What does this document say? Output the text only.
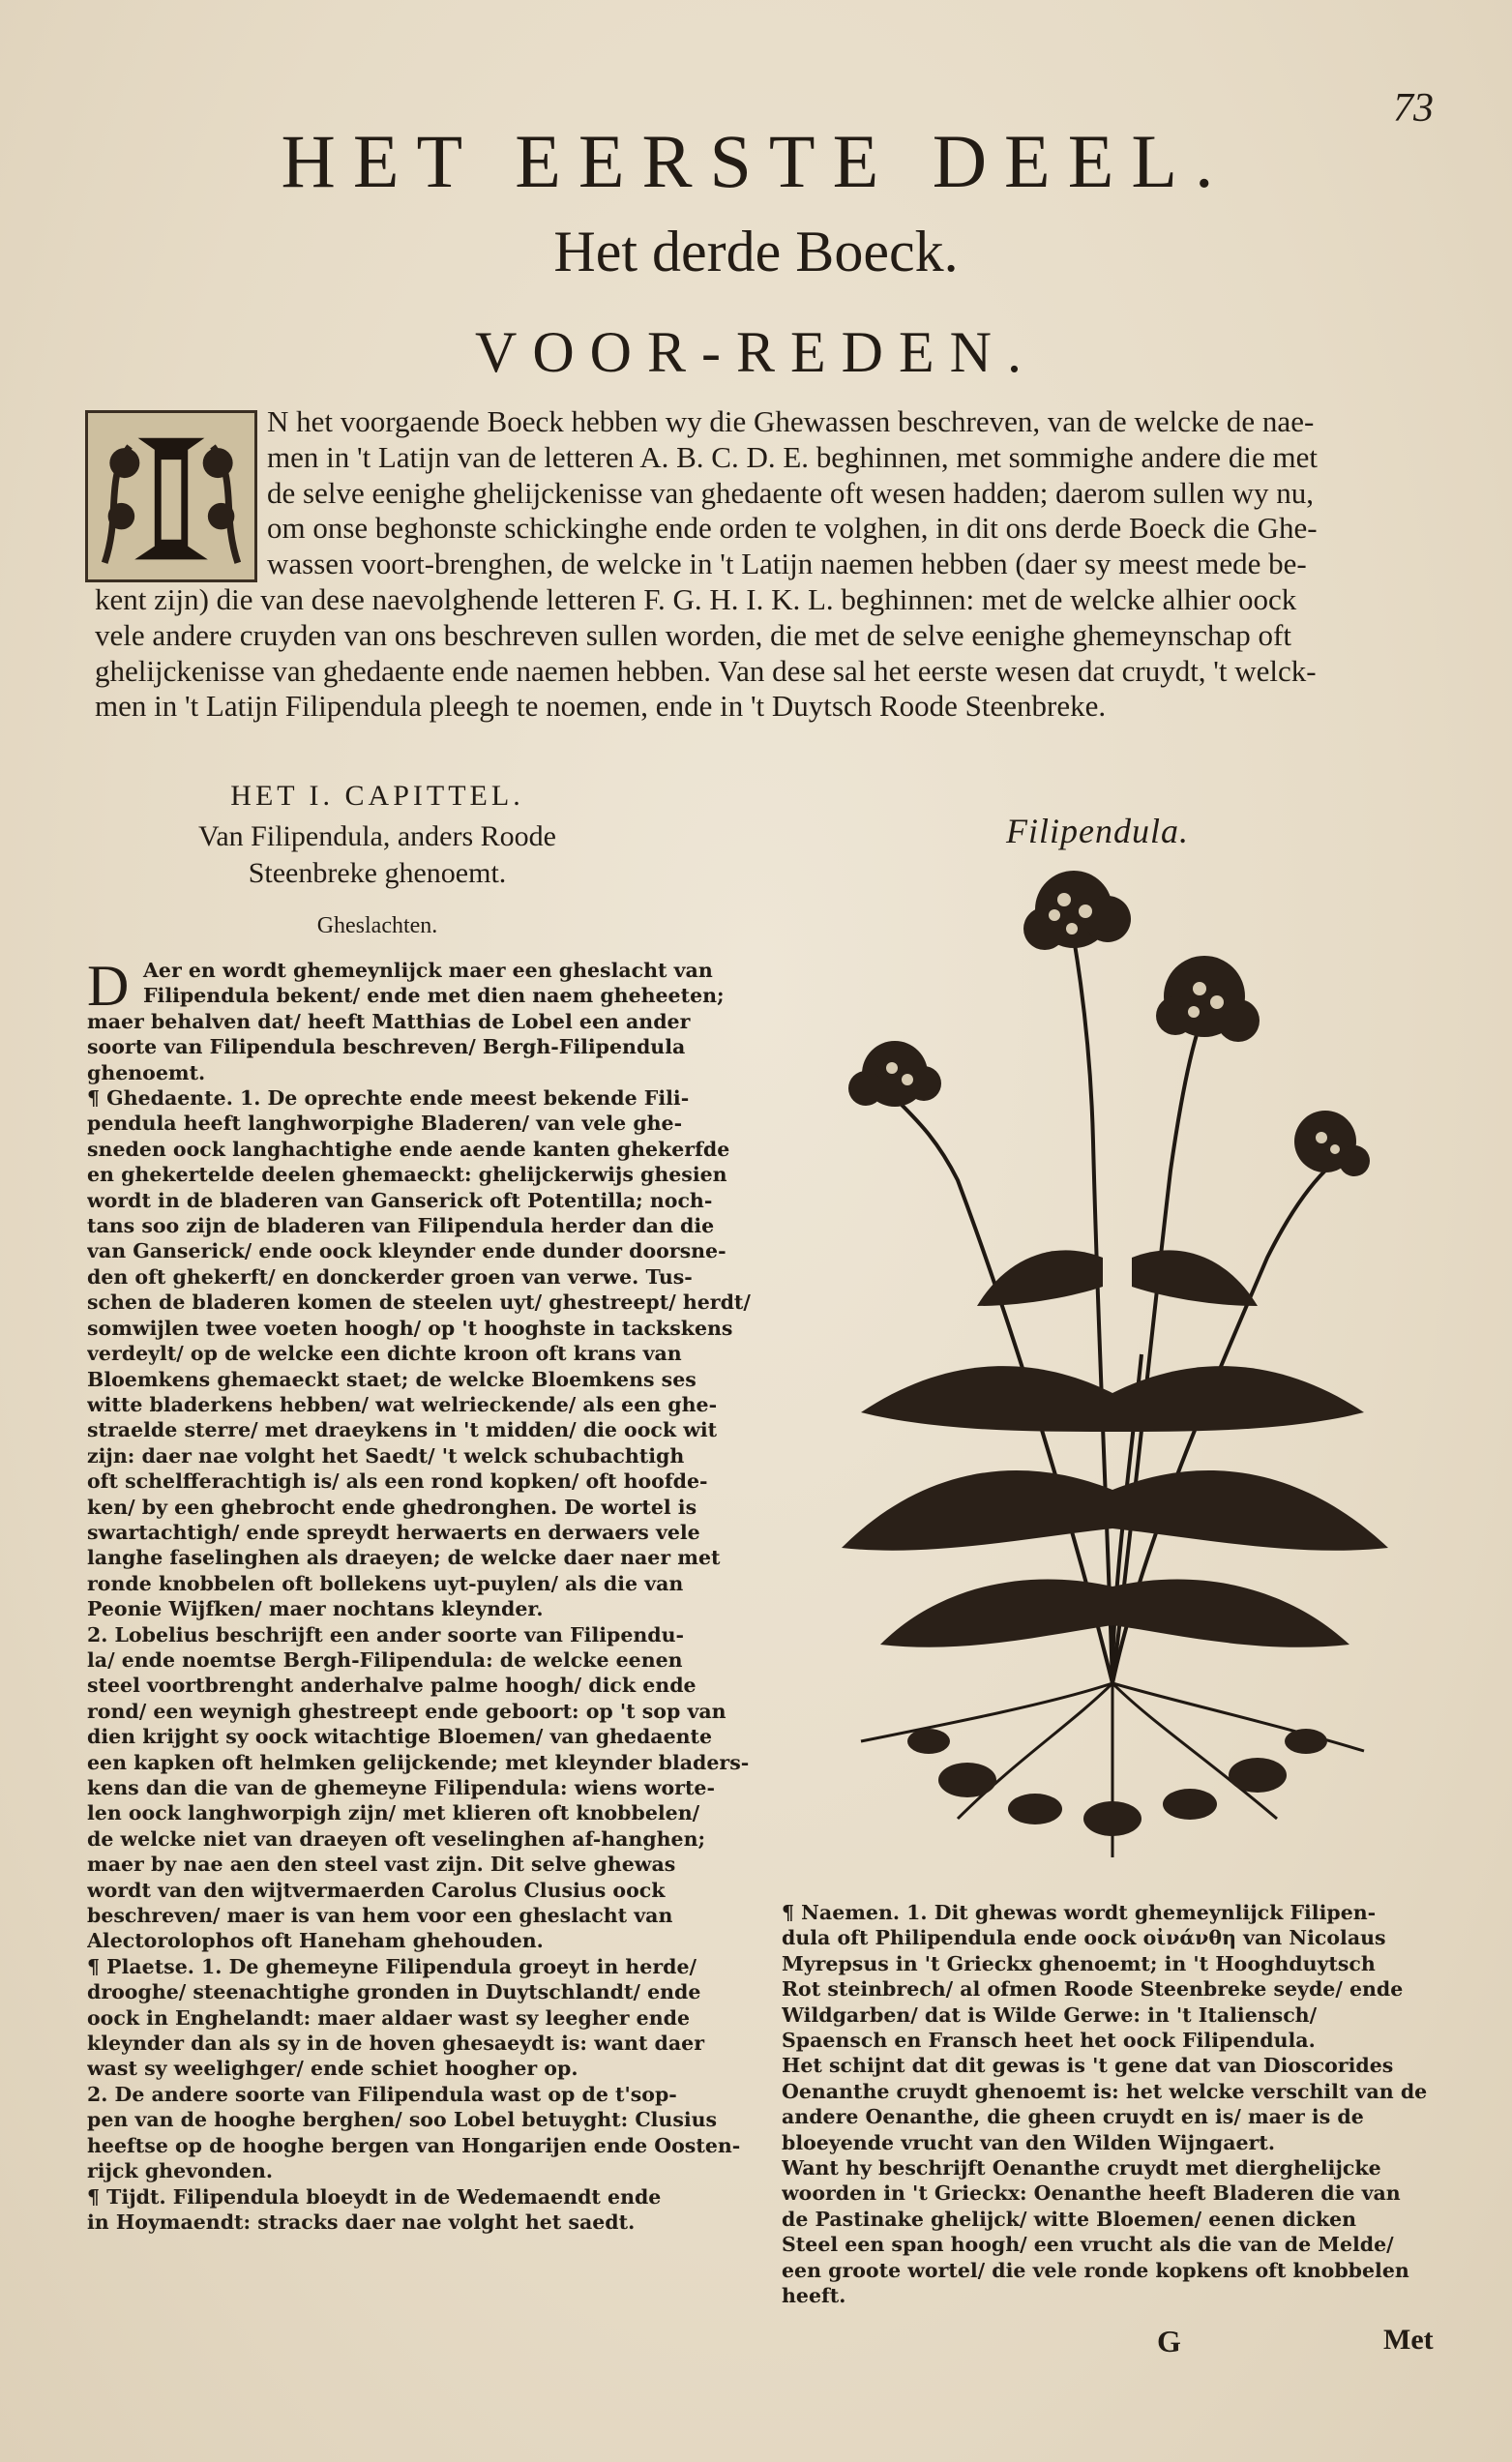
73
HET EERSTE DEEL.
Het derde Boeck.
VOOR-REDEN.
N het voorgaende Boeck hebben wy die Ghewassen beschreven, van de welcke de nae-
men in 't Latijn van de letteren A. B. C. D. E. beghinnen, met sommighe andere die met
de selve eenighe ghelijckenisse van ghedaente oft wesen hadden; daerom sullen wy nu,
om onse beghonste schickinghe ende orden te volghen, in dit ons derde Boeck die Ghe-
wassen voort-brenghen, de welcke in 't Latijn naemen hebben (daer sy meest mede be-
kent zijn) die van dese naevolghende letteren F. G. H. I. K. L. beghinnen: met de welcke alhier oock
vele andere cruyden van ons beschreven sullen worden, die met de selve eenighe ghemeynschap oft
ghelijckenisse van ghedaente ende naemen hebben. Van dese sal het eerste wesen dat cruydt, 't welck-
men in 't Latijn Filipendula pleegh te noemen, ende in 't Duytsch Roode Steenbreke.
HET I. CAPITTEL.
Van Filipendula, anders Roode
Steenbreke ghenoemt.
Gheslachten.
D Aer en wordt ghemeynlijck maer een gheslacht van
Filipendula bekent/ ende met dien naem gheheeten;
maer behalven dat/ heeft Matthias de Lobel een ander
soorte van Filipendula beschreven/ Bergh-Filipendula
ghenoemt.
¶ Ghedaente. 1. De oprechte ende meest bekende Fili-
pendula heeft langhworpighe Bladeren/ van vele ghe-
sneden oock langhachtighe ende aende kanten ghekerfde
en ghekertelde deelen ghemaeckt: ghelijckerwijs ghesien
wordt in de bladeren van Ganserick oft Potentilla; noch-
tans soo zijn de bladeren van Filipendula herder dan die
van Ganserick/ ende oock kleynder ende dunder doorsne-
den oft ghekerft/ en donckerder groen van verwe. Tus-
schen de bladeren komen de steelen uyt/ ghestreept/ herdt/
somwijlen twee voeten hoogh/ op 't hooghste in tackskens
verdeylt/ op de welcke een dichte kroon oft krans van
Bloemkens ghemaeckt staet; de welcke Bloemkens ses
witte bladerkens hebben/ wat welrieckende/ als een ghe-
straelde sterre/ met draeykens in 't midden/ die oock wit
zijn: daer nae volght het Saedt/ 't welck schubachtigh
oft schelfferachtigh is/ als een rond kopken/ oft hoofde-
ken/ by een ghebrocht ende ghedronghen. De wortel is
swartachtigh/ ende spreydt herwaerts en derwaers vele
langhe faselinghen als draeyen; de welcke daer naer met
ronde knobbelen oft bollekens uyt-puylen/ als die van
Peonie Wijfken/ maer nochtans kleynder.
2. Lobelius beschrijft een ander soorte van Filipendu-
la/ ende noemtse Bergh-Filipendula: de welcke eenen
steel voortbrenght anderhalve palme hoogh/ dick ende
rond/ een weynigh ghestreept ende geboort: op 't sop van
dien krijght sy oock witachtige Bloemen/ van ghedaente
een kapken oft helmken gelijckende; met kleynder bladers-
kens dan die van de ghemeyne Filipendula: wiens worte-
len oock langhworpigh zijn/ met klieren oft knobbelen/
de welcke niet van draeyen oft veselinghen af-hanghen;
maer by nae aen den steel vast zijn. Dit selve ghewas
wordt van den wijtvermaerden Carolus Clusius oock
beschreven/ maer is van hem voor een gheslacht van
Alectorolophos oft Haneham ghehouden.
¶ Plaetse. 1. De ghemeyne Filipendula groeyt in herde/
drooghe/ steenachtighe gronden in Duytschlandt/ ende
oock in Enghelandt: maer aldaer wast sy leegher ende
kleynder dan als sy in de hoven ghesaeydt is: want daer
wast sy weelighger/ ende schiet hoogher op.
2. De andere soorte van Filipendula wast op de t'sop-
pen van de hooghe berghen/ soo Lobel betuyght: Clusius
heeftse op de hooghe bergen van Hongarijen ende Oosten-
rijck ghevonden.
¶ Tijdt. Filipendula bloeydt in de Wedemaendt ende
in Hoymaendt: stracks daer nae volght het saedt.
Filipendula.
¶ Naemen. 1. Dit ghewas wordt ghemeynlijck Filipen-
dula oft Philipendula ende oock οἰνάνθη van Nicolaus
Myrepsus in 't Grieckx ghenoemt; in 't Hooghduytsch
Rot steinbrech/ al ofmen Roode Steenbreke seyde/ ende
Wildgarben/ dat is Wilde Gerwe: in 't Italiensch/
Spaensch en Fransch heet het oock Filipendula.
Het schijnt dat dit gewas is 't gene dat van Dioscorides
Oenanthe cruydt ghenoemt is: het welcke verschilt van de
andere Oenanthe, die gheen cruydt en is/ maer is de
bloeyende vrucht van den Wilden Wijngaert.
Want hy beschrijft Oenanthe cruydt met dierghelijcke
woorden in 't Grieckx: Oenanthe heeft Bladeren die van
de Pastinake ghelijck/ witte Bloemen/ eenen dicken
Steel een span hoogh/ een vrucht als die van de Melde/
een groote wortel/ die vele ronde kopkens oft knobbelen
heeft.
G	Met
